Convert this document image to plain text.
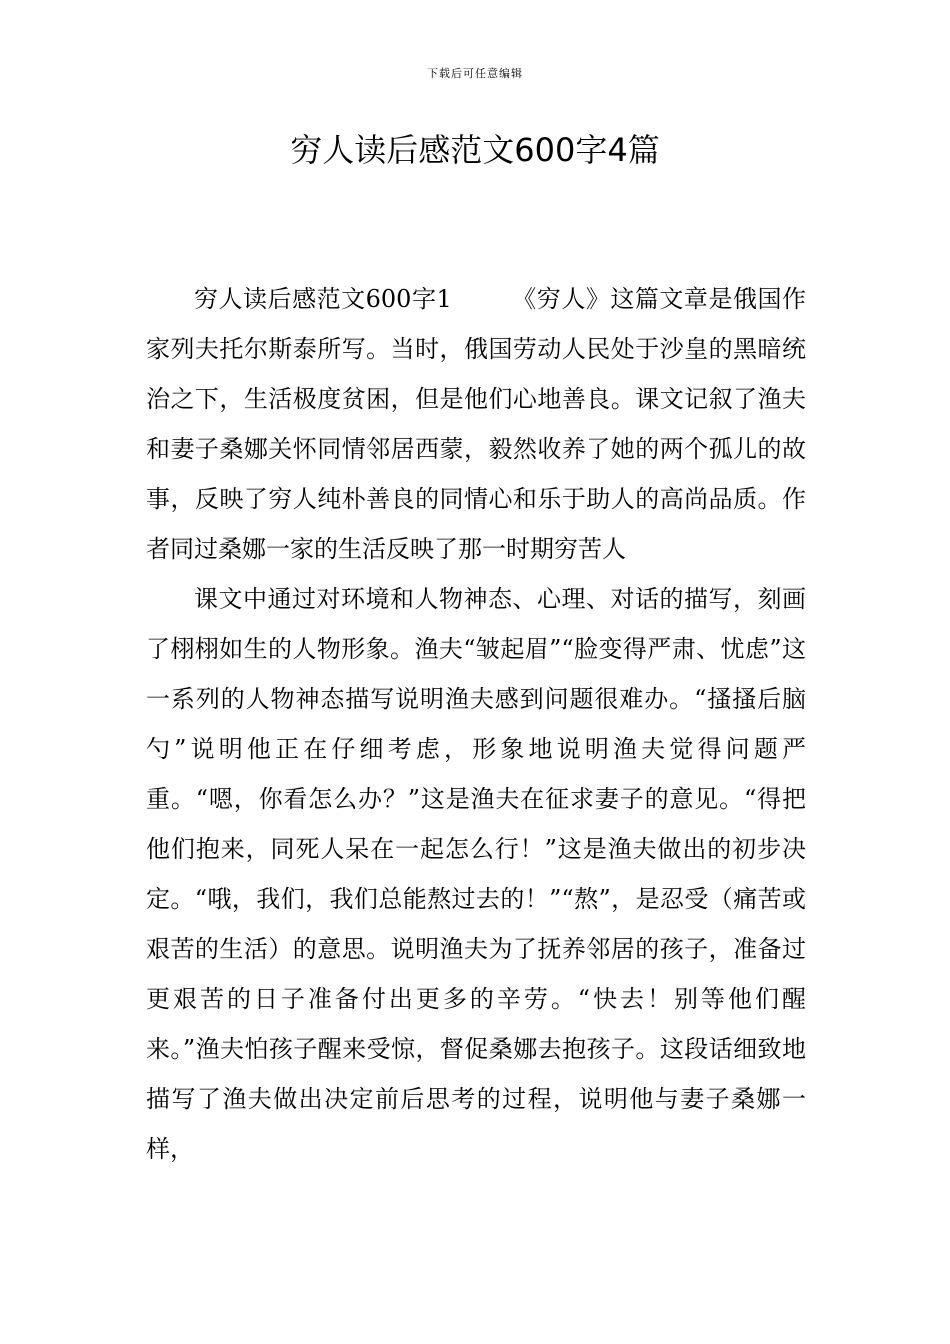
下载后可任意编辑
穷人读后感范文600字4篇

穷人读后感范文600字1	《穷人》这篇文章是俄国作家列夫托尔斯泰所写。当时，俄国劳动人民处于沙皇的黑暗统治之下，生活极度贫困，但是他们心地善良。课文记叙了渔夫和妻子桑娜关怀同情邻居西蒙，毅然收养了她的两个孤儿的故事，反映了穷人纯朴善良的同情心和乐于助人的高尚品质。作者同过桑娜一家的生活反映了那一时期穷苦人

课文中通过对环境和人物神态、心理、对话的描写，刻画了栩栩如生的人物形象。渔夫“皱起眉”“脸变得严肃、忧虑”这一系列的人物神态描写说明渔夫感到问题很难办。“搔搔后脑勺”说明他正在仔细考虑，形象地说明渔夫觉得问题严重。“嗯，你看怎么办？”这是渔夫在征求妻子的意见。“得把他们抱来，同死人呆在一起怎么行！”这是渔夫做出的初步决定。“哦，我们，我们总能熬过去的！”“熬”，是忍受（痛苦或艰苦的生活）的意思。说明渔夫为了抚养邻居的孩子，准备过更艰苦的日子准备付出更多的辛劳。“快去！别等他们醒来。”渔夫怕孩子醒来受惊，督促桑娜去抱孩子。这段话细致地描写了渔夫做出决定前后思考的过程，说明他与妻子桑娜一样，
